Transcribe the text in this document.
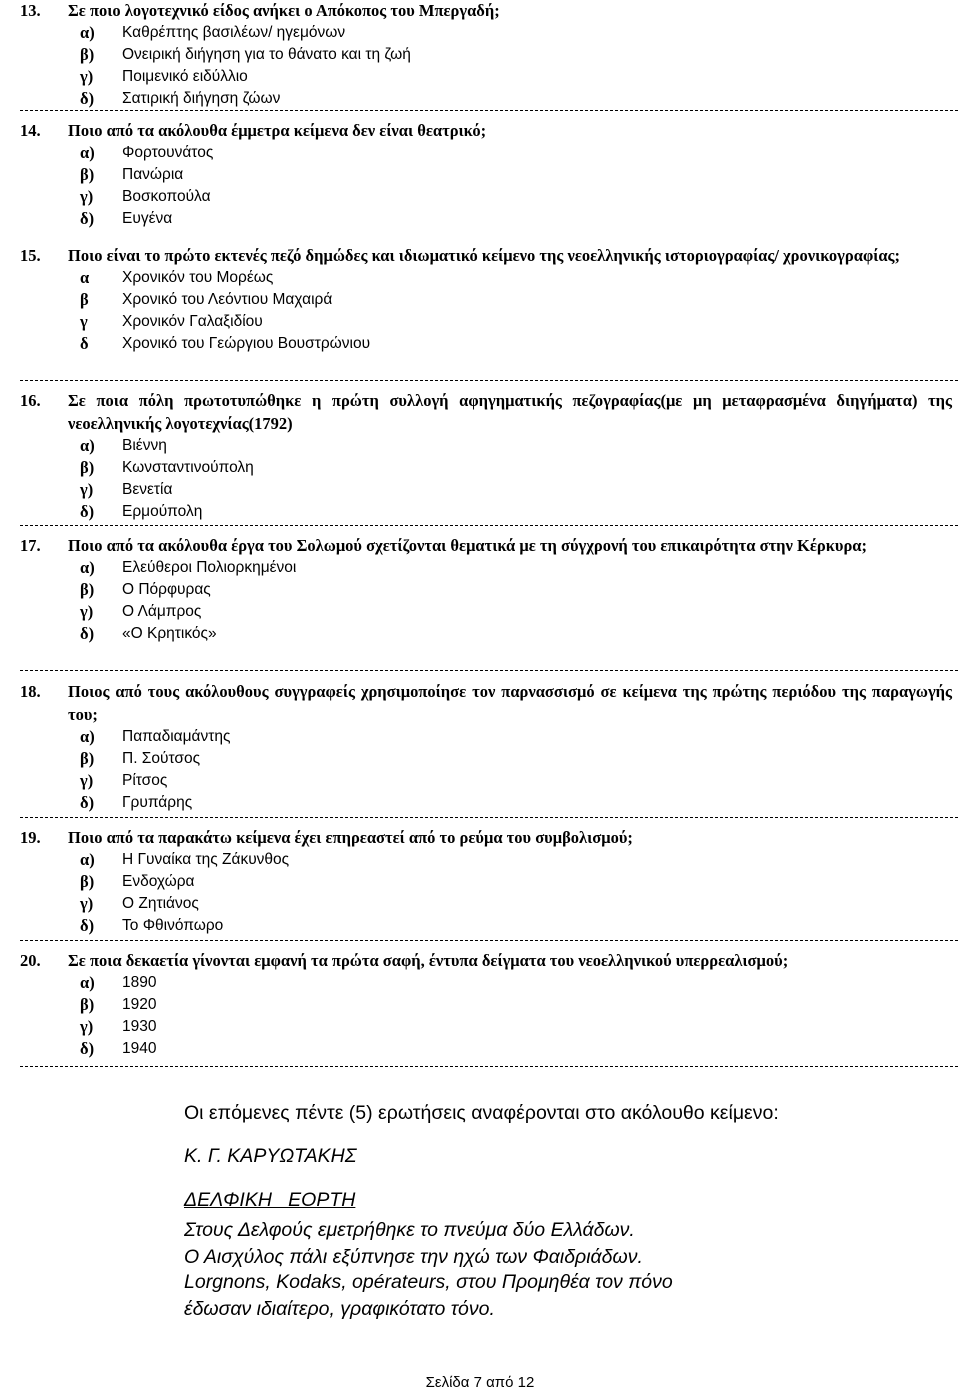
13. Σε ποιο λογοτεχνικό είδος ανήκει ο Απόκοπος του Μπεργαδή;
α) Καθρέπτης βασιλέων/ ηγεμόνων
β) Ονειρική διήγηση για το θάνατο και τη ζωή
γ) Ποιμενικό ειδύλλιο
δ) Σατιρική διήγηση ζώων
14. Ποιο από τα ακόλουθα έμμετρα κείμενα δεν είναι θεατρικό;
α) Φορτουνάτος
β) Πανώρια
γ) Βοσκοπούλα
δ) Ευγένα
15. Ποιο είναι το πρώτο εκτενές πεζό δημώδες και ιδιωματικό κείμενο της νεοελληνικής ιστοριογραφίας/ χρονικογραφίας;
α Χρονικόν του Μορέως
β Χρονικό του Λεόντιου Μαχαιρά
γ Χρονικόν Γαλαξιδίου
δ Χρονικό του Γεώργιου Βουστρώνιου
16. Σε ποια πόλη πρωτοτυπώθηκε η πρώτη συλλογή αφηγηματικής πεζογραφίας(με μη μεταφρασμένα διηγήματα) της νεοελληνικής λογοτεχνίας(1792)
α) Βιέννη
β) Κωνσταντινούπολη
γ) Βενετία
δ) Ερμούπολη
17. Ποιο από τα ακόλουθα έργα του Σολωμού σχετίζονται θεματικά με τη σύγχρονή του επικαιρότητα στην Κέρκυρα;
α) Ελεύθεροι Πολιορκημένοι
β) Ο Πόρφυρας
γ) Ο Λάμπρος
δ) «Ο Κρητικός»
18. Ποιος από τους ακόλουθους συγγραφείς χρησιμοποίησε τον παρνασσισμό σε κείμενα της πρώτης περιόδου της παραγωγής του;
α) Παπαδιαμάντης
β) Π. Σούτσος
γ) Ρίτσος
δ) Γρυπάρης
19. Ποιο από τα παρακάτω κείμενα έχει επηρεαστεί από το ρεύμα του συμβολισμού;
α) Η Γυναίκα της Ζάκυνθος
β) Ενδοχώρα
γ) Ο Ζητιάνος
δ) Το Φθινόπωρο
20. Σε ποια δεκαετία γίνονται εμφανή τα πρώτα σαφή, έντυπα δείγματα του νεοελληνικού υπερρεαλισμού;
α) 1890
β) 1920
γ) 1930
δ) 1940
Οι επόμενες πέντε (5) ερωτήσεις αναφέρονται στο ακόλουθο κείμενο:
Κ. Γ. ΚΑΡΥΩΤΑΚΗΣ
ΔΕΛΦΙΚΗ   ΕΟΡΤΗ
Στους Δελφούς εμετρήθηκε το πνεύμα δύο Ελλάδων.
Ο Αισχύλος πάλι εξύπνησε την ηχώ των Φαιδριάδων.
Lorgnons, Kodaks, opérateurs, στου Προμηθέα τον πόνο
έδωσαν ιδιαίτερο, γραφικότατο τόνο.
Σελίδα 7 από 12
